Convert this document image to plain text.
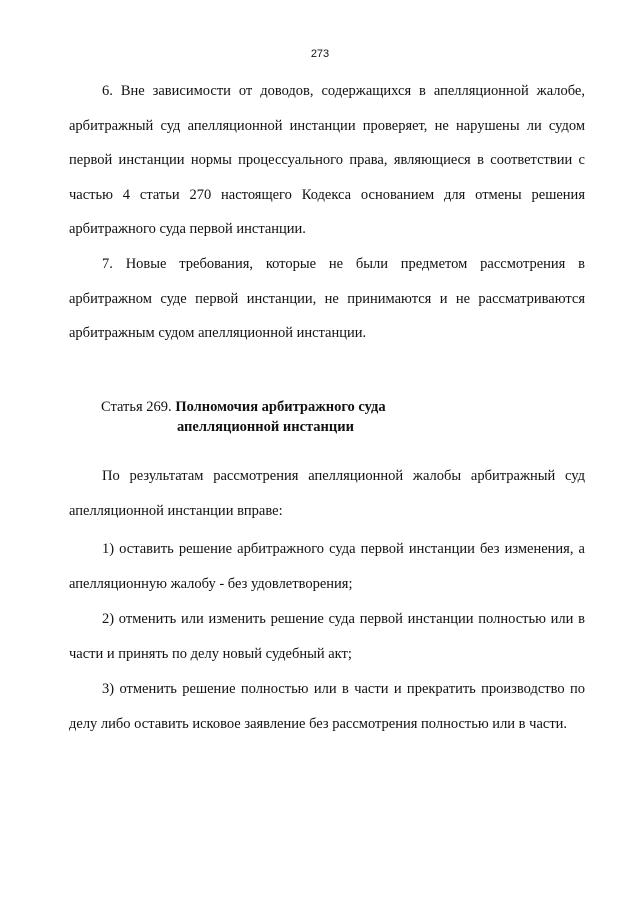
273

6. Вне зависимости от доводов, содержащихся в апелляционной жалобе, арбитражный суд апелляционной инстанции проверяет, не нарушены ли судом первой инстанции нормы процессуального права, являющиеся в соответствии с частью 4 статьи 270 настоящего Кодекса основанием для отмены решения арбитражного суда первой инстанции.

7. Новые требования, которые не были предметом рассмотрения в арбитражном суде первой инстанции, не принимаются и не рассматриваются арбитражным судом апелляционной инстанции.

Статья 269. Полномочия арбитражного суда
апелляционной инстанции

По результатам рассмотрения апелляционной жалобы арбитражный суд апелляционной инстанции вправе:

1) оставить решение арбитражного суда первой инстанции без изменения, а апелляционную жалобу - без удовлетворения;

2) отменить или изменить решение суда первой инстанции полностью или в части и принять по делу новый судебный акт;

3) отменить решение полностью или в части и прекратить производство по делу либо оставить исковое заявление без рассмотрения полностью или в части.
